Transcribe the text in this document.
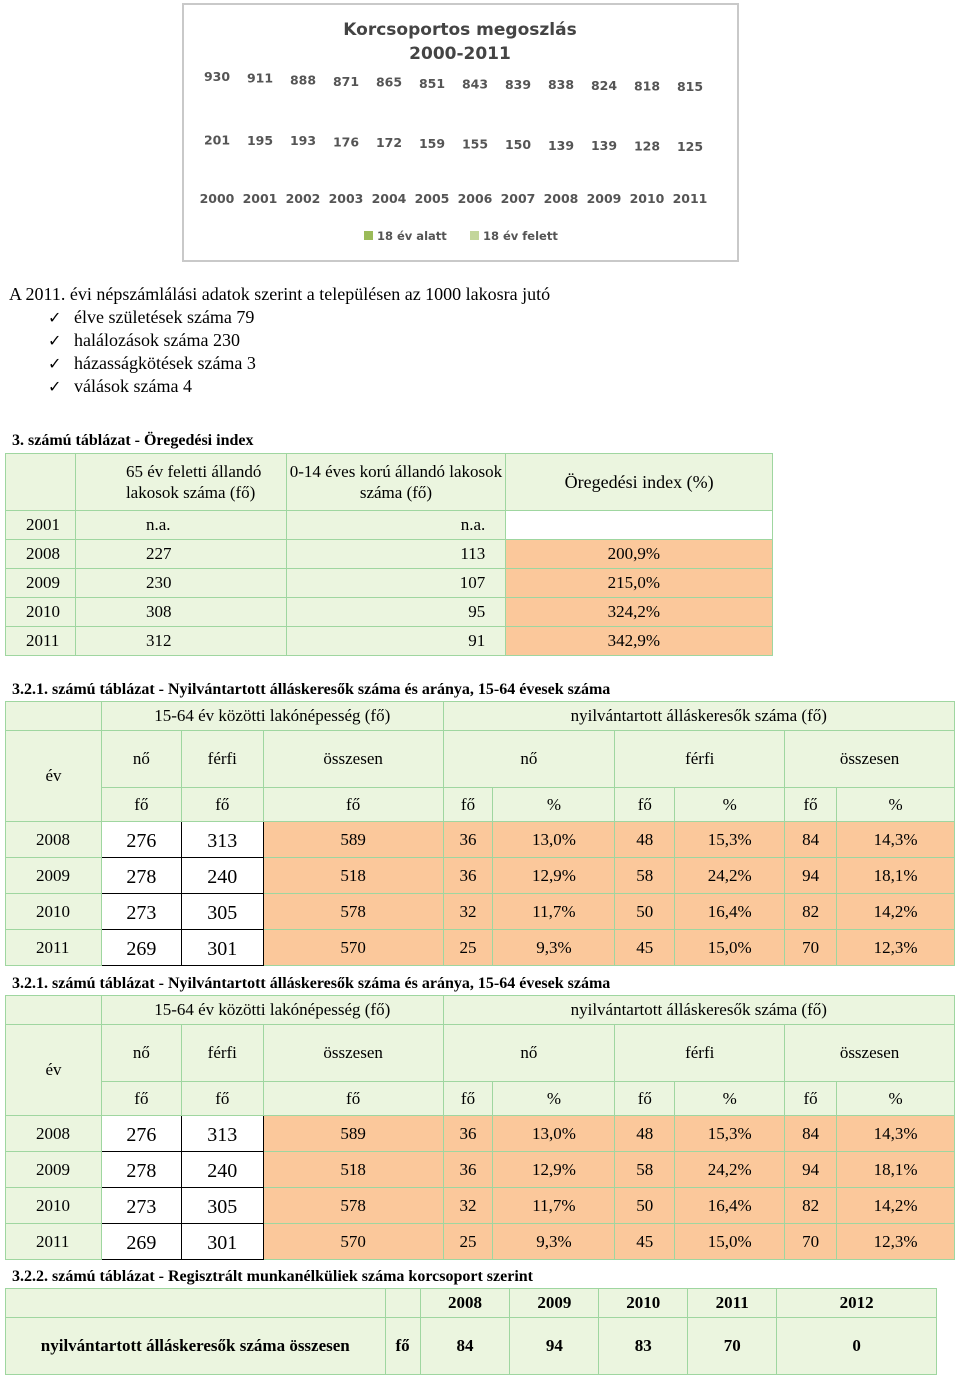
Korcsoportos megoszlás
2000-2011
2000 2001 2002 2003 2004 2005 2006 2007 2008 2009 2010 2011
201 195 193 176 172 159 155 150 139 139 128 125
930 911 888 871 865 851 843 839 838 824 818 815
18 év alatt	18 év felett
A 2011. évi népszámlálási adatok szerint a településen az 1000 lakosra jutó
✓ élve születések száma 79
✓ halálozások száma 230
✓ házasságkötések száma 3
✓ válások száma 4
3. számú táblázat - Öregedési index
	65 év feletti állandó lakosok száma (fő)	0-14 éves korú állandó lakosok száma (fő)	Öregedési index (%)
2001	n.a.	n.a.	
2008	227	113	200,9%
2009	230	107	215,0%
2010	308	95	324,2%
2011	312	91	342,9%
3.2.1. számú táblázat - Nyilvántartott álláskeresők száma és aránya, 15-64 évesek száma
	15-64 év közötti lakónépesség (fő)			nyilvántartott álláskeresők száma (fő)					
év	nő	férfi	összesen	nő		férfi		összesen	
	fő	fő	fő	fő	%	fő	%	fő	%
2008	276	313	589	36	13,0%	48	15,3%	84	14,3%
2009	278	240	518	36	12,9%	58	24,2%	94	18,1%
2010	273	305	578	32	11,7%	50	16,4%	82	14,2%
2011	269	301	570	25	9,3%	45	15,0%	70	12,3%
3.2.1. számú táblázat - Nyilvántartott álláskeresők száma és aránya, 15-64 évesek száma
	15-64 év közötti lakónépesség (fő)			nyilvántartott álláskeresők száma (fő)					
év	nő	férfi	összesen	nő		férfi		összesen	
	fő	fő	fő	fő	%	fő	%	fő	%
2008	276	313	589	36	13,0%	48	15,3%	84	14,3%
2009	278	240	518	36	12,9%	58	24,2%	94	18,1%
2010	273	305	578	32	11,7%	50	16,4%	82	14,2%
2011	269	301	570	25	9,3%	45	15,0%	70	12,3%
3.2.2. számú táblázat - Regisztrált munkanélküliek száma korcsoport szerint
		2008	2009	2010	2011	2012
nyilvántartott álláskeresők száma összesen	fő	84	94	83	70	0
